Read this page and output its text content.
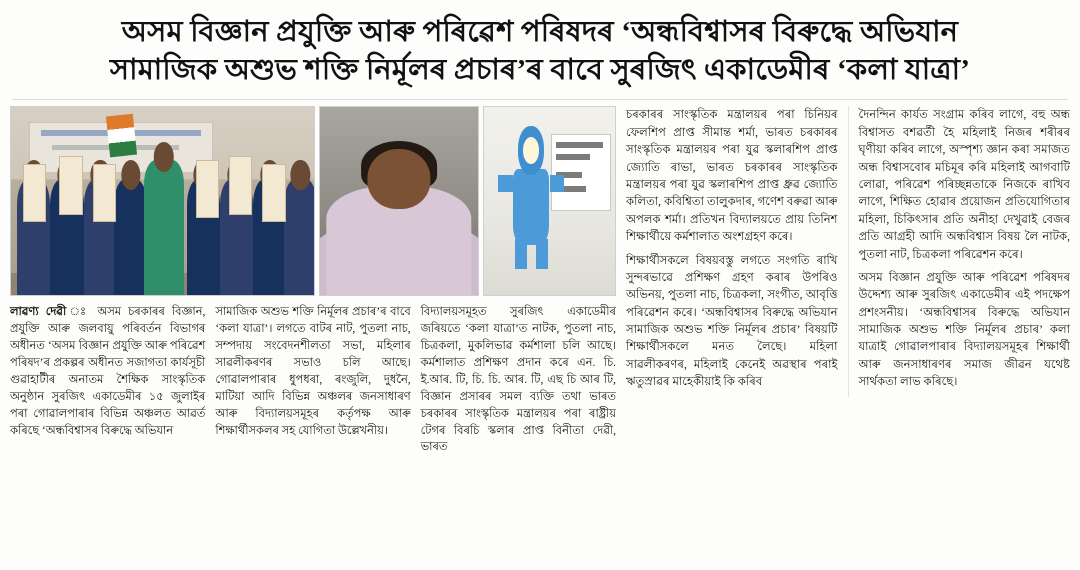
অসম বিজ্ঞান প্রযুক্তি আৰু পৰিৱেশ পৰিষদৰ ‘অন্ধবিশ্বাসৰ বিৰুদ্ধে অভিযান
সামাজিক অশুভ শক্তি নিৰ্মূলৰ প্ৰচাৰ’ৰ বাবে সুৰজিৎ একাডেমীৰ ‘কলা যাত্ৰা’
লাৱণ্য দেৱী ঃ অসম চৰকাৰৰ বিজ্ঞান, প্ৰযুক্তি আৰু জলবায়ু পৰিবৰ্তন বিভাগৰ অধীনত ‘অসম বিজ্ঞান প্ৰযুক্তি আৰু পৰিৱেশ পৰিষদ’ৰ প্ৰকল্পৰ অধীনত সজাগতা কাৰ্যসূচী গুৱাহাটীৰ অনাতম শৈক্ষিক সাংস্কৃতিক অনুষ্ঠান সুৰজিৎ একাডেমীৰ ১৫ জুলাইৰ পৰা গোৱালপাৰাৰ বিভিন্ন অঞ্চলত আৱৰ্ত কৰিছে ‘অন্ধবিশ্বাসৰ বিৰুদ্ধে অভিযান
সামাজিক অশুভ শক্তি নিৰ্মূলৰ প্ৰচাৰ’ৰ বাবে ‘কলা যাত্ৰা’। লগতে বাটৰ নাট, পুতলা নাচ, সম্পদায় সংবেদনশীলতা সভা, মহিলাৰ সাৱলীকৰণৰ সভাও চলি আছে। গোৱালপাৰাৰ ধুপধৰা, ৰংজুলি, দুধনৈ, মাটিয়া আদি বিভিন্ন অঞ্চলৰ জনসাধাৰণ আৰু বিদ্যালয়সমূহৰ কৰ্তৃপক্ষ আৰু শিক্ষাৰ্থীসকলৰ সহ যোগিতা উল্লেখনীয়।
বিদ্যালয়সমূহত সুৰজিৎ একাডেমীৰ জৰিয়তে ‘কলা যাত্ৰা’ত নাটক, পুতলা নাচ, চিত্ৰকলা, মুকলিভাৱ কৰ্মশালা চলি আছে। কৰ্মশালাত প্ৰশিক্ষণ প্ৰদান কৰে এন. চি. ই.আৰ. টি, চি. চি. আৰ. টি, এছ চি আৰ টি, বিজ্ঞান প্ৰসাৰৰ সমল ব্যক্তি তথা ভাৰত চৰকাৰৰ সাংস্কৃতিক মন্ত্ৰালয়ৰ পৰা ৰাষ্ট্ৰীয় টেগৰ বিৰচি স্কলাৰ প্ৰাপ্ত বিনীতা দেৱী, ভাৰত

চৰকাৰৰ সাংস্কৃতিক মন্ত্ৰালয়ৰ পৰা চিনিয়ৰ ফেলশিপ প্ৰাপ্ত সীমান্ত শৰ্মা, ভাৰত চৰকাৰৰ সাংস্কৃতিক মন্ত্ৰালয়ৰ পৰা যুৱ স্কলাৰশিপ প্ৰাপ্ত জ্যোতি ৰাভা, ভাৰত চৰকাৰৰ সাংস্কৃতিক মন্ত্ৰালয়ৰ পৰা যুৱ স্কলাৰশিপ প্ৰাপ্ত ধ্ৰুৱ জ্যোতি কলিতা, কবিশ্বিতা তালুকদাৰ, গণেশ বৰুৱা আৰু অপলক শৰ্মা। প্ৰতিখন বিদ্যালয়তে প্ৰায় তিনিশ শিক্ষাৰ্থীয়ে কৰ্মশালাত অংশগ্ৰহণ কৰে।

শিক্ষাৰ্থীসকলে বিষয়বস্তু লগতে সংগতি ৰাখি সুন্দৰভাৱে প্ৰশিক্ষণ গ্ৰহণ কৰাৰ উপৰিও অভিনয়, পুতলা নাচ, চিত্ৰকলা, সংগীত, আবৃত্তি পৰিৱেশন কৰে। ‘অন্ধবিশ্বাসৰ বিৰুদ্ধে অভিযান সামাজিক অশুভ শক্তি নিৰ্মূলৰ প্ৰচাৰ’ বিষয়টি শিক্ষাৰ্থীসকলে মনত লৈছে। মহিলা সাৱলীকৰণৰ, মহিলাই কেনেই অৱস্থাৰ পৰাই ঋতুস্ৰাৱৰ মাহেকীয়াই কি কৰিব

দৈনন্দিন কাৰ্যত সংগ্ৰাম কৰিব লাগে, বহু অন্ধ বিশ্বাসত বশৱৰ্তী হৈ মহিলাই নিজৰ শৰীৰৰ ঘৃণীয়া কৰিব লাগে, অস্পৃশ্য জ্ঞান কৰা সমাজত অন্ধ বিশ্বাসবোৰ মচিমূৰ কৰি মহিলাই আগবাটি লোৱা, পৰিৱেশ পৰিচ্ছন্নতাকে নিজকে ৰাখিব লাগে, শিক্ষিত হোৱাৰ প্ৰয়োজন প্ৰতিযোগিতাৰ মহিলা, চিকিৎসাৰ প্ৰতি অনীহা দেখুৱাই বেজৰ প্ৰতি আগ্ৰহী আদি অন্ধবিশ্বাস বিষয় লৈ নাটক, পুতলা নাট, চিত্ৰকলা পৰিৱেশন কৰে।

অসম বিজ্ঞান প্ৰযুক্তি আৰু পৰিৱেশ পৰিষদৰ উদ্দেশ্য আৰু সুৰজিৎ একাডেমীৰ এই পদক্ষেপ প্ৰশংসনীয়। ‘অন্ধবিশ্বাসৰ বিৰুদ্ধে অভিযান সামাজিক অশুভ শক্তি নিৰ্মূলৰ প্ৰচাৰ’ কলা যাত্ৰাই গোৱালপাৰাৰ বিদ্যালয়সমূহৰ শিক্ষাৰ্থী আৰু জনসাধাৰণৰ সমাজ জীৱন যথেষ্ট সাৰ্থকতা লাভ কৰিছে।
